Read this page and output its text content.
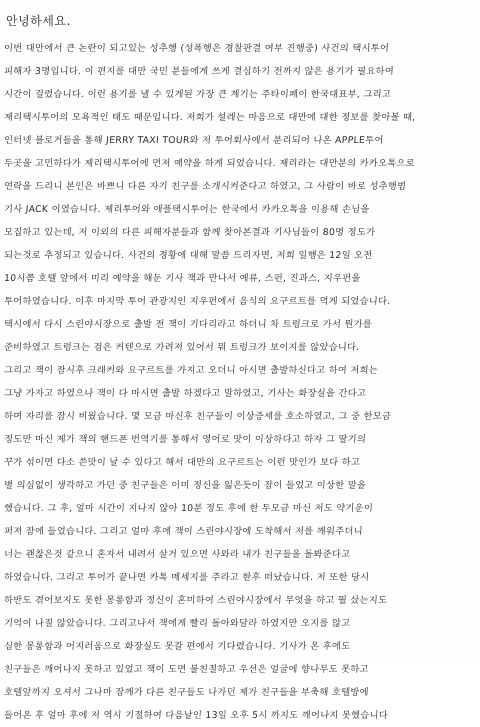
안녕하세요.
이번 대만에서 큰 논란이 되고있는 성추행 (성폭행은 경찰판결 여부 진행중) 사건의 택시투어
피해자 3명입니다. 이 편지를 대만 국민 분들에게 쓰게 결심하기 전까지 않은 용기가 필요하여
시간이 걸렸습니다. 이런 용기를 낼 수 있게된 가장 큰 계기는 주타이페이 한국대표부, 그리고
제리택시투어의 모욕적인 태도 때문입니다. 저희가 설레는 마음으로 대만에 대한 정보를 찾아볼 때,
인터넷 블로거들을 통해 JERRY TAXI TOUR와 저 투어회사에서 분리되어 나온 APPLE투어
두곳을 고민하다가 제리택시투어에 먼저 예약을 하게 되었습니다. 제리라는 대만분의 카카오톡으로
연락을 드리니 본인은 바쁘니 다른 자기 친구를 소개시켜준다고 하였고, 그 사람이 바로 성추행범
기사 JACK 이였습니다. 제리투어와 애플택시투어는 한국에서 카카오톡을 이용해 손님을
모집하고 있는데, 저 이외의 다른 피해자분들과 함께 찾아본결과 기사님들이 80명 정도가
되는것로 추정되고 있습니다. 사건의 경황에 대해 말씀 드리자면, 저희 일행은 12일 오전
10시쯤 호텔 앞에서 미리 예약을 해둔 기사 잭과 만나서 예류, 스펀, 진과스, 지우펀을
투어하였습니다. 이후 마지막 투어 관광지인 지우펀에서 음식의 요구르트를 먹게 되었습니다.
택시에서 다시 스린야시장으로 출발 전 잭이 기다리라고 하더니 차 트렁크로 가서 뭔가를
준비하였고 트렁크는 검은 커텐으로 가려져 있어서 뭐 트렁크가 보이지를 않았습니다.
그리고 잭이 잠시후 크래커와 요구르트를 가지고 오더니 아시면 출발하신다고 하여 저희는
그냥 가자고 하였으나 잭이 다 마시면 출발 하겠다고 말하였고, 기사는 화장실을 간다고
하며 자리를 잠시 비웠습니다. 몇 모금 마신후 친구들이 이상증세를 호소하였고, 그 중 한모금
정도만 마신 제가 잭의 핸드폰 번역기를 통해서 영어로 맛이 이상하다고 하자 그 딸기의
꾸가 섞이면 다소 쓴맛이 날 수 있다고 해서 대만의 요구르트는 이런 맛인가 보다 하고
별 의심없이 생각하고 가던 중 친구들은 이미 정신을 잃은듯이 잠이 들었고 이상한 말을
했습니다. 그 후, 얼마 시간이 지나지 않아 10분 정도 후에 한 두모금 마신 저도 약기운이
퍼져 잠에 들었습니다. 그리고 얼마 후에 잭이 스린야시장에 도착해서 저를 깨워주더니
너는 괜찮은것 같으니 혼자서 내려서 살거 있으면 사와라 내가 친구들을 돌봐준다고
하였습니다. 그리고 투어가 끝나면 카톡 메세지를 주라고 한후 떠났습니다. 저 또한 당시
하반도 겪어보지도 못한 몽롱함과 정신이 혼미하여 스린야시장에서 무엇을 하고 뭘 샀는지도
기억이 나질 않았습니다. 그리고나서 잭에게 빨리 돌아와달라 하였지만 오지를 않고
심한 몽롱함과 어지러움으로 화장실도 못갈 편에서 기다렸습니다. 기사가 온 후에도
친구들은 깨어나지 못하고 있었고 잭이 도면 불친절하고 우선은 얼굴에 향나무도 못하고
호텔앞까지 오셔서 그나마 잠깨가 다른 친구들도 나가던 제가 친구들을 부축해 호텔방에
들어온 후 얼마 후에 저 역시 기절하여 다음날인 13일 오후 5시 까지도 깨어나지 못했습니다
